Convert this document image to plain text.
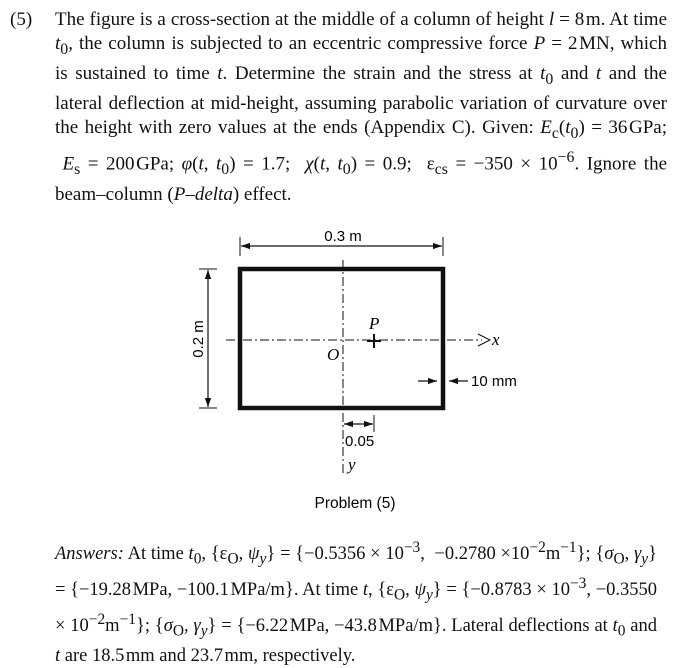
(5) The figure is a cross-section at the middle of a column of height l = 8 m. At time $t_0$, the column is subjected to an eccentric compressive force P = 2 MN, which is sustained to time t. Determine the strain and the stress at $t_0$ and t and the lateral deflection at mid-height, assuming parabolic variation of curvature over the height with zero values at the ends (Appendix C). Given: $E_c(t_0) = 36$ GPa;  $E_s = 200$ GPa; φ(t, $t_0) = 1.7$;  χ(t, $t_0) = 0.9$;  $\varepsilon_{cs} = -350 \times 10^{-6}$. Ignore the beam–column (P–delta) effect.
0.3 m
0.2 m	x
y
O
P
10 mm
0.05
Problem (5)
Answers: At time $t_0$, {$\varepsilon_O$, $\psi_y\} = \{-0.5356 \times 10^{-3}$,  $-0.2780 \times 10^{-2}m^{-1}$}; {$\sigma_O$, $\gamma_y\} = \{-19.28$ MPa, −100.1 MPa/m}. At time t, {$\varepsilon_O$, $\psi_y\} = \{-0.8783 \times 10^{-3}$, $-0.3550 \times 10^{-2}m^{-1}$}; {$\sigma_O$, $\gamma_y\} = \{-6.22$ MPa, −43.8 MPa/m}. Lateral deflections at $t_0$ and t are 18.5 mm and 23.7 mm, respectively.
